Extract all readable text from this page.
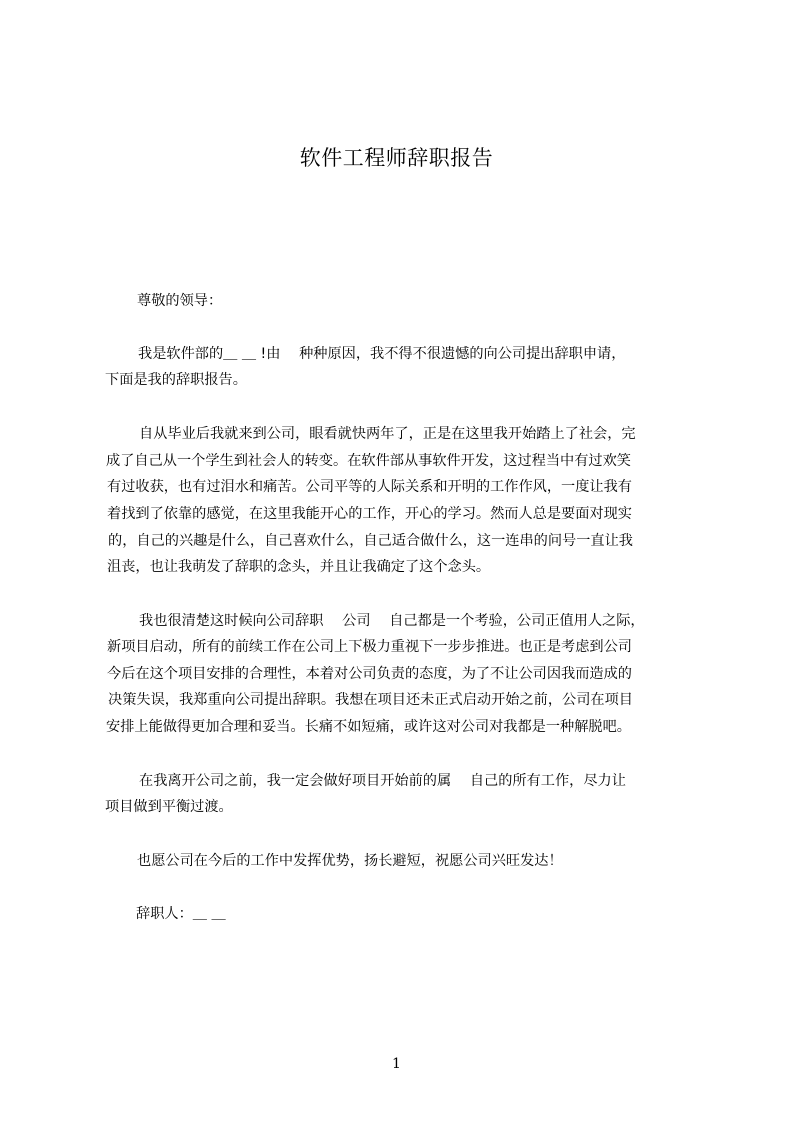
软件工程师辞职报告

尊敬的领导：

我是软件部的＿ ＿ !由 　种种原因，我不得不很遗憾的向公司提出辞职申请，

下面是我的辞职报告。

自从毕业后我就来到公司，眼看就快两年了，正是在这里我开始踏上了社会，完

成了自己从一个学生到社会人的转变。在软件部从事软件开发，这过程当中有过欢笑

有过收获，也有过泪水和痛苦。公司平等的人际关系和开明的工作作风，一度让我有

着找到了依靠的感觉，在这里我能开心的工作，开心的学习。然而人总是要面对现实

的，自己的兴趣是什么，自己喜欢什么，自己适合做什么，这一连串的问号一直让我

沮丧，也让我萌发了辞职的念头，并且让我确定了这个念头。

我也很清楚这时候向公司辞职 　公司 　自己都是一个考验，公司正值用人之际，

新项目启动，所有的前续工作在公司上下极力重视下一步步推进。也正是考虑到公司

今后在这个项目安排的合理性，本着对公司负责的态度，为了不让公司因我而造成的

决策失误，我郑重向公司提出辞职。我想在项目还未正式启动开始之前，公司在项目

安排上能做得更加合理和妥当。长痛不如短痛，或许这对公司对我都是一种解脱吧。

在我离开公司之前，我一定会做好项目开始前的属 　自己的所有工作，尽力让

项目做到平衡过渡。

也愿公司在今后的工作中发挥优势，扬长避短，祝愿公司兴旺发达！

辞职人：＿ ＿

1
